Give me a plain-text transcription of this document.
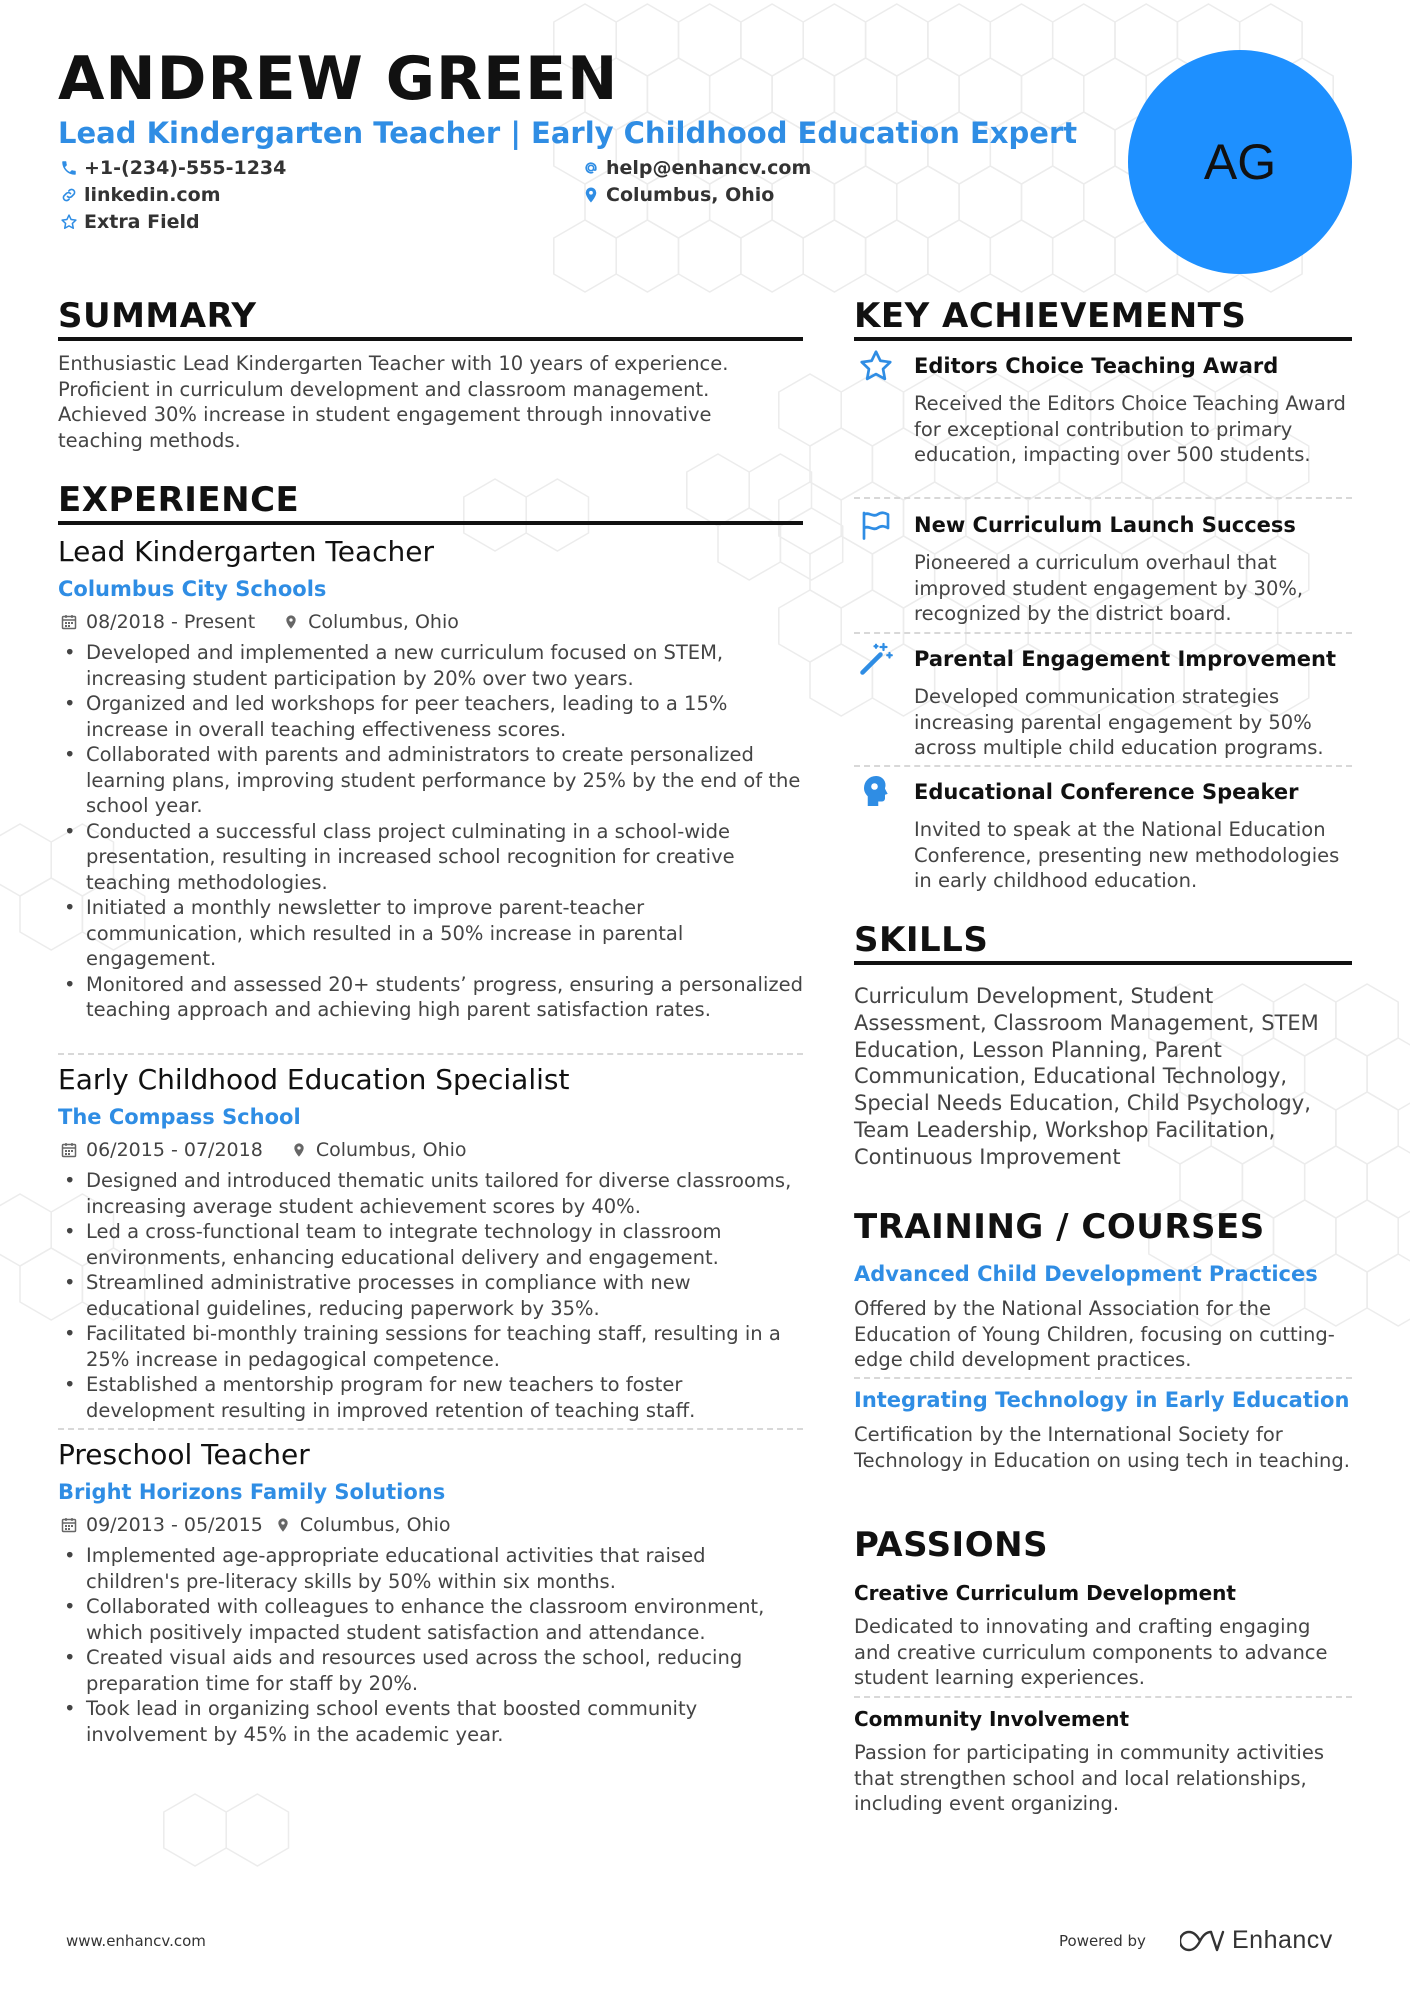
ANDREW GREEN
Lead Kindergarten Teacher | Early Childhood Education Expert
+1-(234)-555-1234	help@enhancv.com
linkedin.com	Columbus, Ohio
Extra Field
AG
SUMMARY
Enthusiastic Lead Kindergarten Teacher with 10 years of experience. Proficient in curriculum development and classroom management. Achieved 30% increase in student engagement through innovative teaching methods.
EXPERIENCE
Lead Kindergarten Teacher
Columbus City Schools
08/2018 - Present	Columbus, Ohio
• Developed and implemented a new curriculum focused on STEM, increasing student participation by 20% over two years.
• Organized and led workshops for peer teachers, leading to a 15% increase in overall teaching effectiveness scores.
• Collaborated with parents and administrators to create personalized learning plans, improving student performance by 25% by the end of the school year.
• Conducted a successful class project culminating in a school-wide presentation, resulting in increased school recognition for creative teaching methodologies.
• Initiated a monthly newsletter to improve parent-teacher communication, which resulted in a 50% increase in parental engagement.
• Monitored and assessed 20+ students’ progress, ensuring a personalized teaching approach and achieving high parent satisfaction rates.
Early Childhood Education Specialist
The Compass School
06/2015 - 07/2018	Columbus, Ohio
• Designed and introduced thematic units tailored for diverse classrooms, increasing average student achievement scores by 40%.
• Led a cross-functional team to integrate technology in classroom environments, enhancing educational delivery and engagement.
• Streamlined administrative processes in compliance with new educational guidelines, reducing paperwork by 35%.
• Facilitated bi-monthly training sessions for teaching staff, resulting in a 25% increase in pedagogical competence.
• Established a mentorship program for new teachers to foster development resulting in improved retention of teaching staff.
Preschool Teacher
Bright Horizons Family Solutions
09/2013 - 05/2015 Columbus, Ohio
• Implemented age-appropriate educational activities that raised children's pre-literacy skills by 50% within six months.
• Collaborated with colleagues to enhance the classroom environment, which positively impacted student satisfaction and attendance.
• Created visual aids and resources used across the school, reducing preparation time for staff by 20%.
• Took lead in organizing school events that boosted community involvement by 45% in the academic year.
KEY ACHIEVEMENTS
Editors Choice Teaching Award
Received the Editors Choice Teaching Award for exceptional contribution to primary education, impacting over 500 students.
New Curriculum Launch Success
Pioneered a curriculum overhaul that improved student engagement by 30%, recognized by the district board.
Parental Engagement Improvement
Developed communication strategies increasing parental engagement by 50% across multiple child education programs.
Educational Conference Speaker
Invited to speak at the National Education Conference, presenting new methodologies in early childhood education.
SKILLS
Curriculum Development, Student Assessment, Classroom Management, STEM Education, Lesson Planning, Parent Communication, Educational Technology, Special Needs Education, Child Psychology, Team Leadership, Workshop Facilitation, Continuous Improvement
TRAINING / COURSES
Advanced Child Development Practices
Offered by the National Association for the Education of Young Children, focusing on cutting-edge child development practices.
Integrating Technology in Early Education
Certification by the International Society for Technology in Education on using tech in teaching.
PASSIONS
Creative Curriculum Development
Dedicated to innovating and crafting engaging and creative curriculum components to advance student learning experiences.
Community Involvement
Passion for participating in community activities that strengthen school and local relationships, including event organizing.
www.enhancv.com	Powered by	Enhancv
